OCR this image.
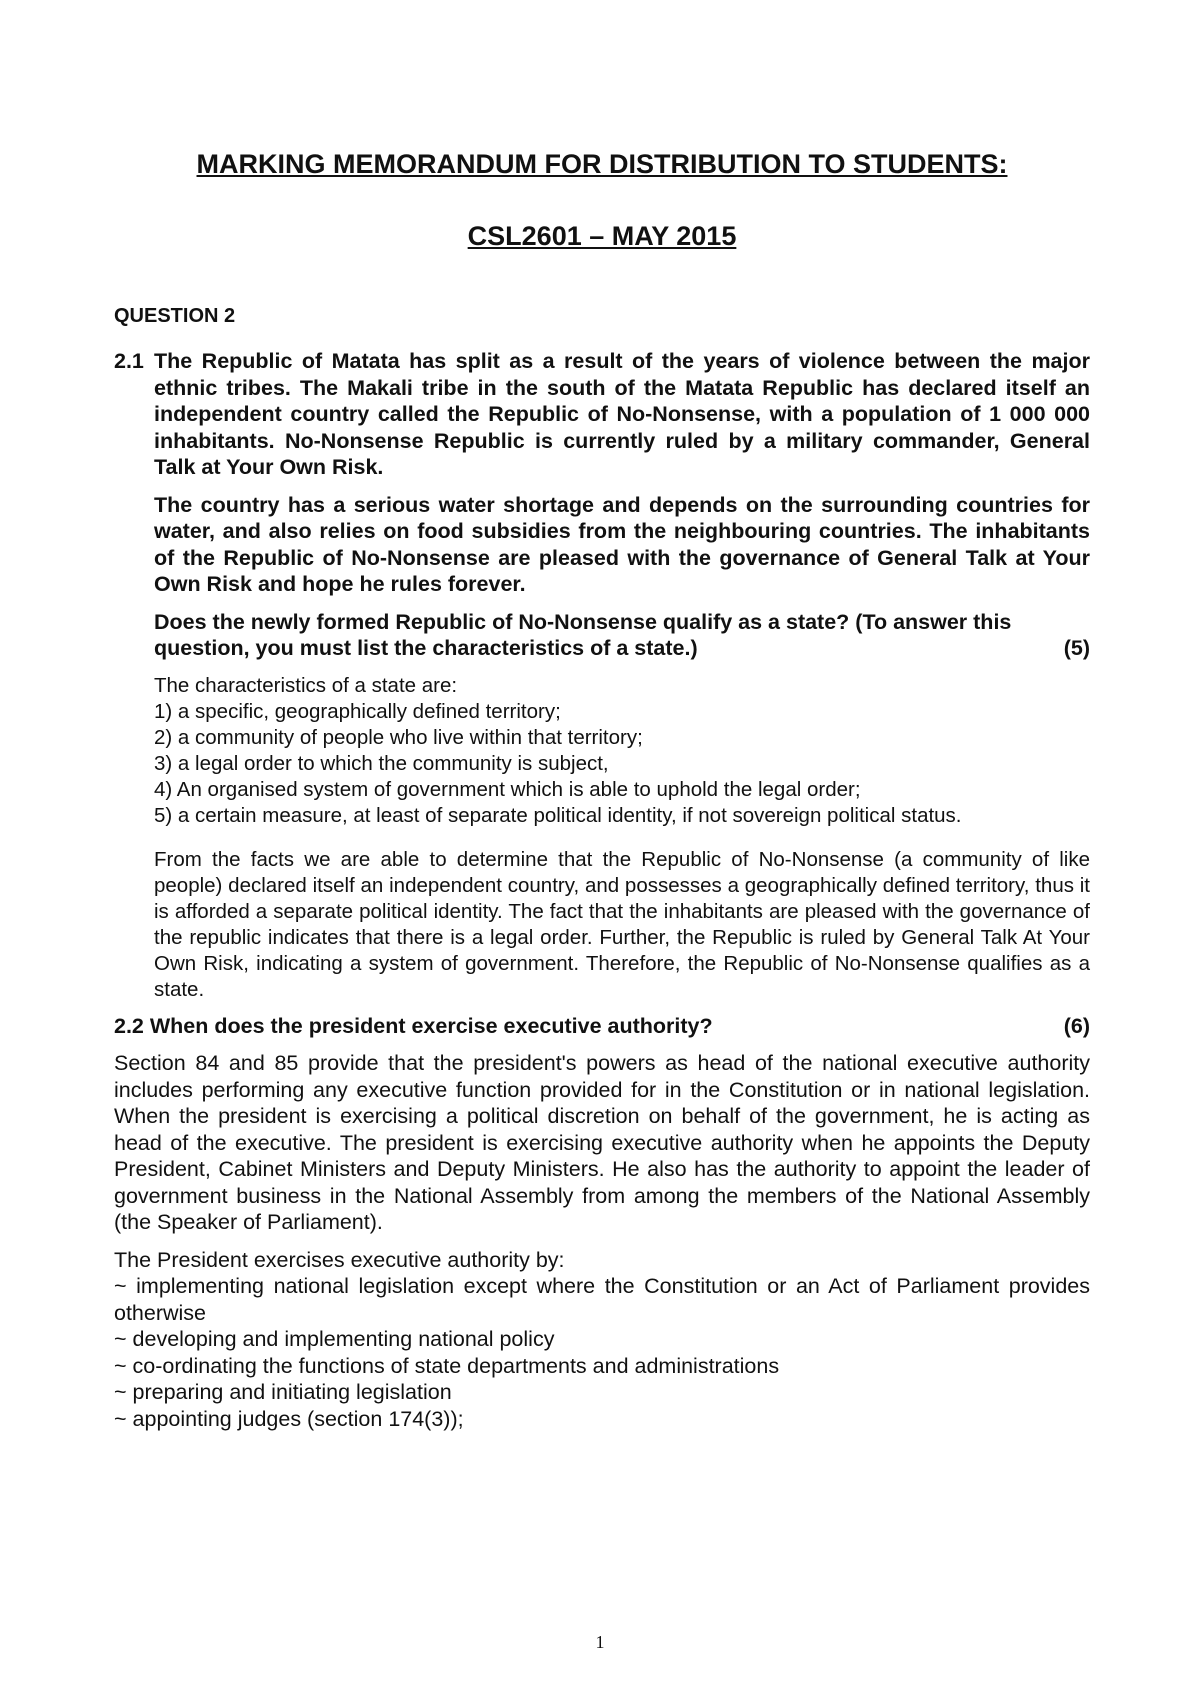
MARKING MEMORANDUM FOR DISTRIBUTION TO STUDENTS:
CSL2601 – MAY 2015
QUESTION 2
2.1 The Republic of Matata has split as a result of the years of violence between the major ethnic tribes. The Makali tribe in the south of the Matata Republic has declared itself an independent country called the Republic of No-Nonsense, with a population of 1 000 000 inhabitants. No-Nonsense Republic is currently ruled by a military commander, General Talk at Your Own Risk.

The country has a serious water shortage and depends on the surrounding countries for water, and also relies on food subsidies from the neighbouring countries. The inhabitants of the Republic of No-Nonsense are pleased with the governance of General Talk at Your Own Risk and hope he rules forever.

Does the newly formed Republic of No-Nonsense qualify as a state? (To answer this
question, you must list the characteristics of a state.)	(5)
The characteristics of a state are:
1) a specific, geographically defined territory;
2) a community of people who live within that territory;
3) a legal order to which the community is subject,
4) An organised system of government which is able to uphold the legal order;
5) a certain measure, at least of separate political identity, if not sovereign political status.

From the facts we are able to determine that the Republic of No-Nonsense (a community of like people) declared itself an independent country, and possesses a geographically defined territory, thus it is afforded a separate political identity. The fact that the inhabitants are pleased with the governance of the republic indicates that there is a legal order. Further, the Republic is ruled by General Talk At Your Own Risk, indicating a system of government. Therefore, the Republic of No-Nonsense qualifies as a state.

2.2 When does the president exercise executive authority?	(6)

Section 84 and 85 provide that the president's powers as head of the national executive authority includes performing any executive function provided for in the Constitution or in national legislation. When the president is exercising a political discretion on behalf of the government, he is acting as head of the executive. The president is exercising executive authority when he appoints the Deputy President, Cabinet Ministers and Deputy Ministers. He also has the authority to appoint the leader of government business in the National Assembly from among the members of the National Assembly (the Speaker of Parliament).

The President exercises executive authority by:
~ implementing national legislation except where the Constitution or an Act of Parliament provides otherwise
~ developing and implementing national policy
~ co-ordinating the functions of state departments and administrations
~ preparing and initiating legislation
~ appointing judges (section 174(3));
1
